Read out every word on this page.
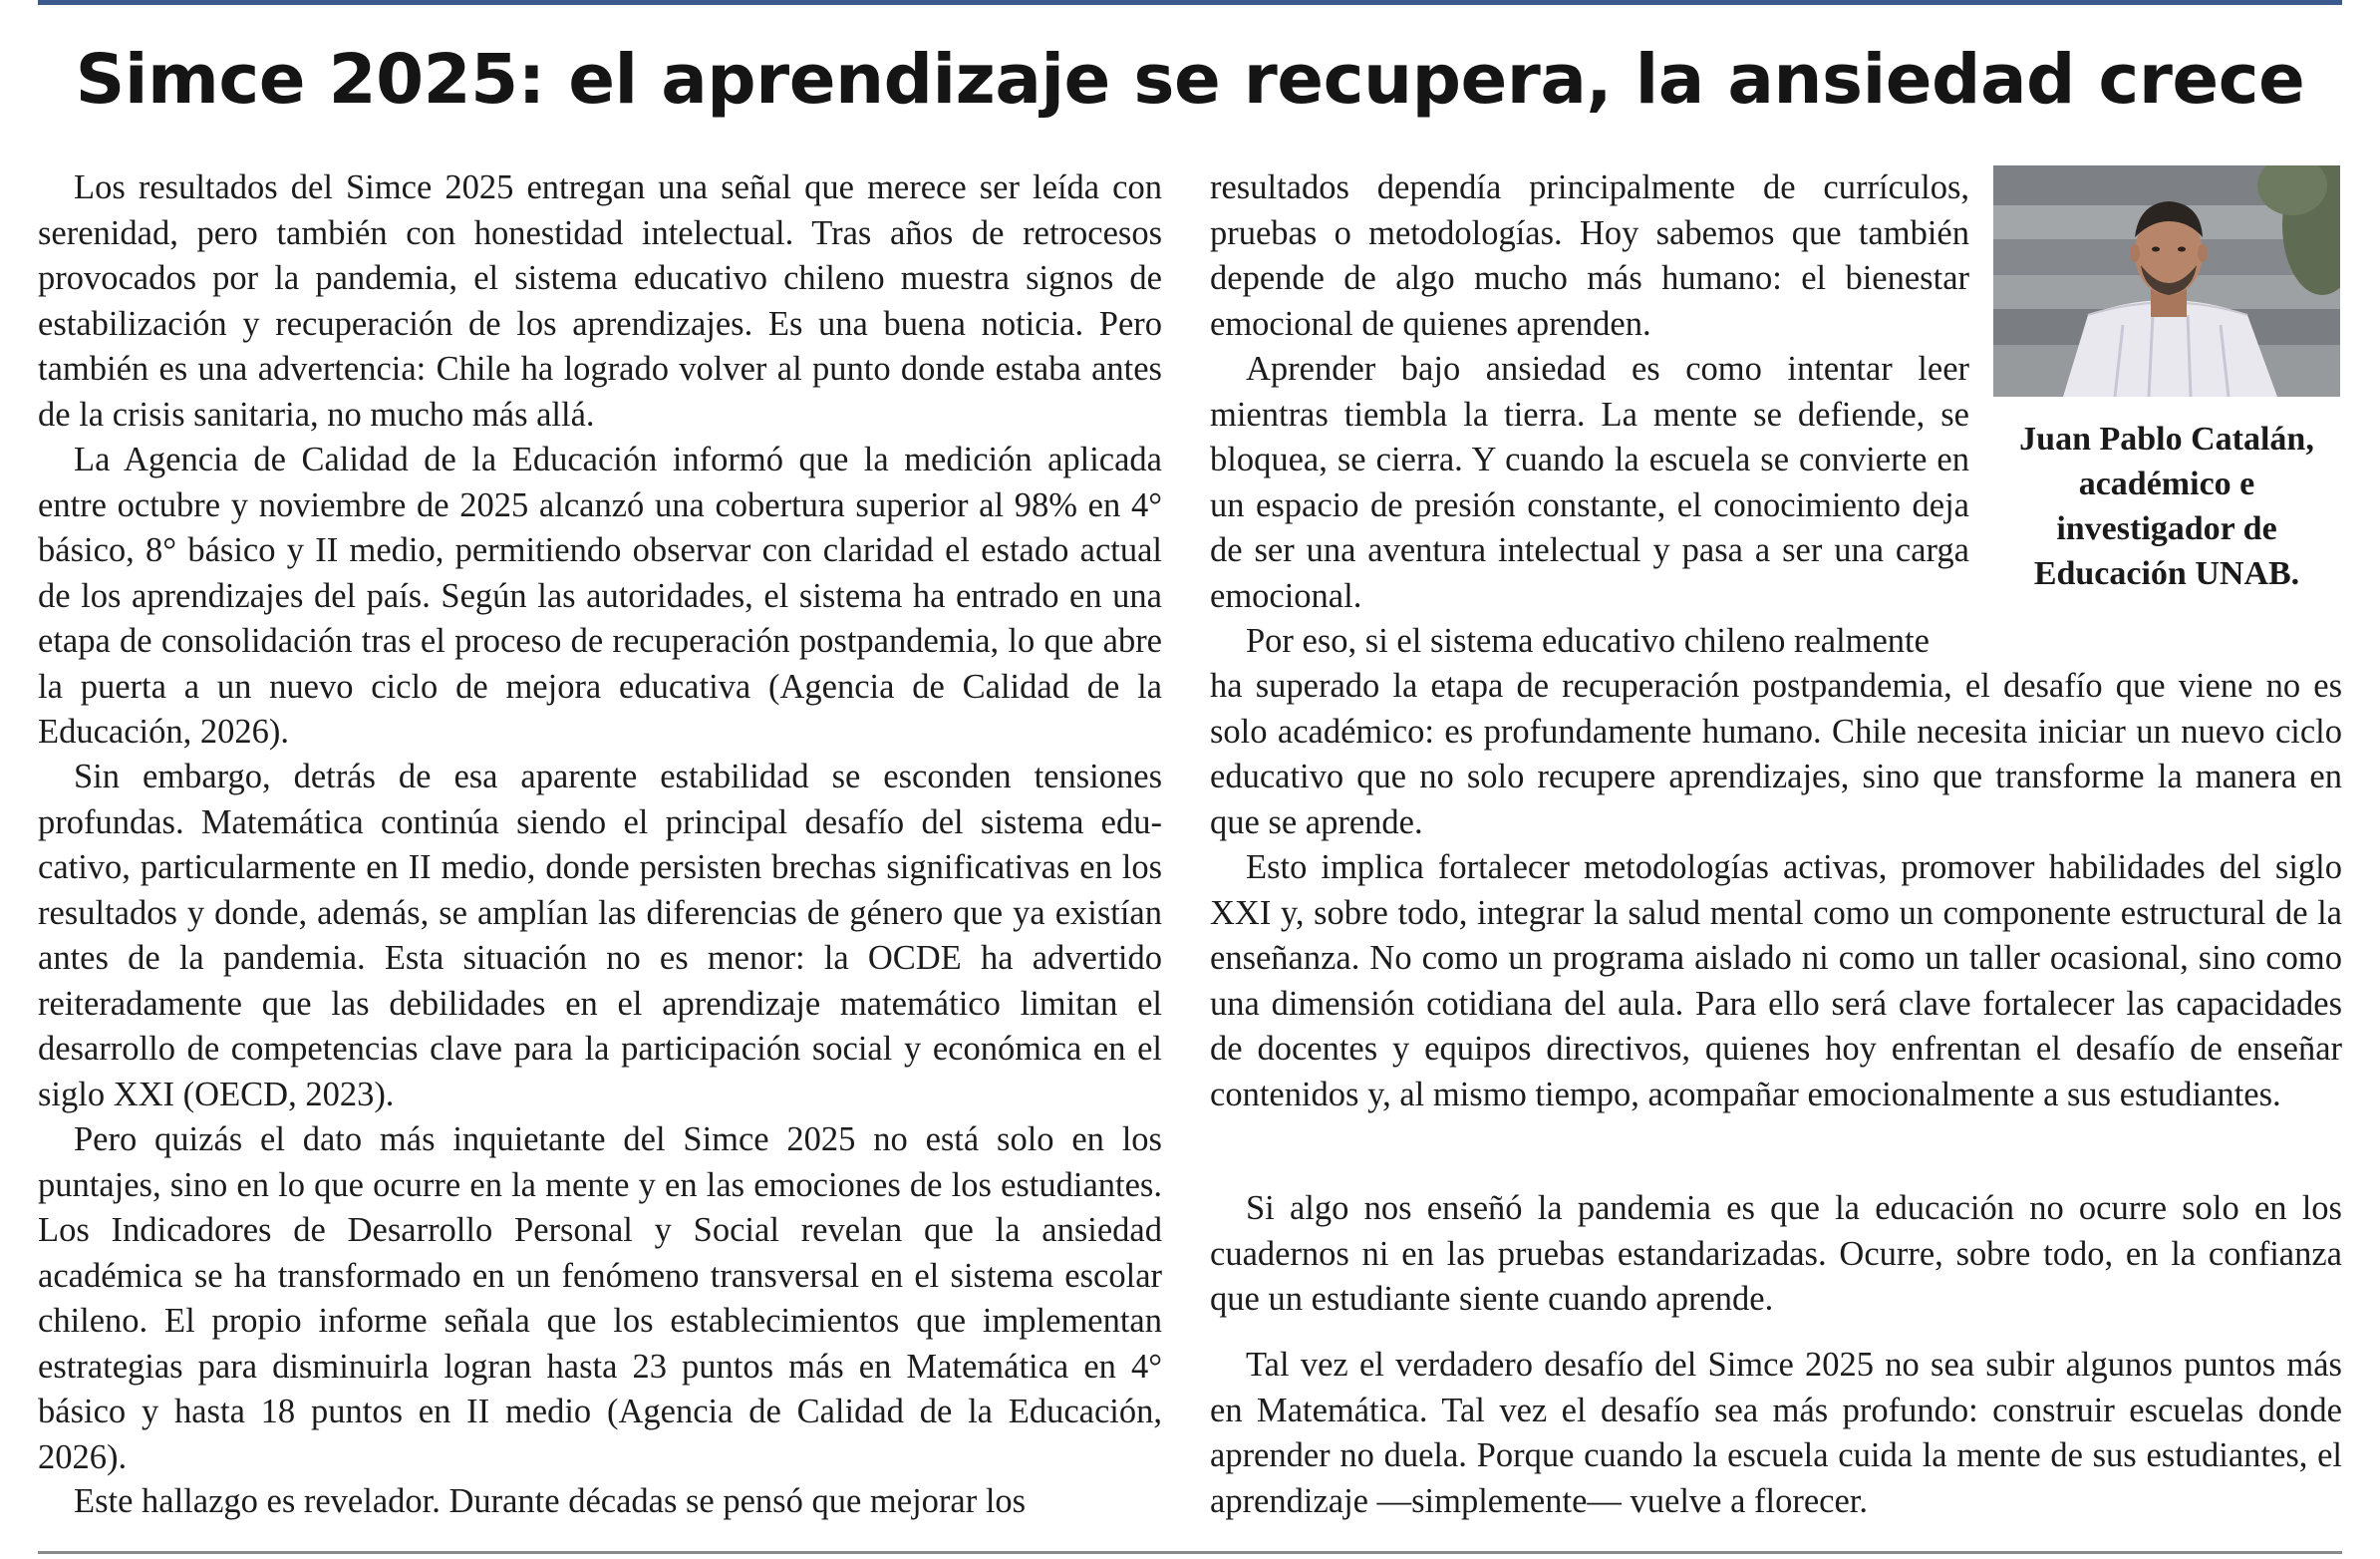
Simce 2025: el aprendizaje se recupera, la ansiedad crece

Los resultados del Simce 2025 entregan una señal que merece ser leída con serenidad, pero también con honestidad intelectual. Tras años de retrocesos provocados por la pandemia, el sistema educativo chileno muestra signos de estabilización y recuperación de los aprendizajes. Es una buena noticia. Pero también es una advertencia: Chile ha logrado volver al punto donde estaba antes de la crisis sanitaria, no mucho más allá.

La Agencia de Calidad de la Educación informó que la medición aplicada entre octubre y noviembre de 2025 alcanzó una cobertura superior al 98% en 4° básico, 8° básico y II medio, permitiendo observar con claridad el estado actual de los aprendizajes del país. Según las autoridades, el sistema ha entrado en una etapa de consolidación tras el proceso de recuperación postpandemia, lo que abre la puerta a un nuevo ciclo de mejora educativa (Agencia de Calidad de la Educación, 2026).

Sin embargo, detrás de esa aparente estabilidad se esconden tensiones profundas. Matemática continúa siendo el principal desafío del sistema educativo, particularmente en II medio, donde persisten brechas significativas en los resultados y donde, además, se amplían las diferencias de género que ya existían antes de la pandemia. Esta situación no es menor: la OCDE ha advertido reiteradamente que las debilidades en el aprendizaje matemático limitan el desarrollo de competencias clave para la participación social y económica en el siglo XXI (OECD, 2023).

Pero quizás el dato más inquietante del Simce 2025 no está solo en los puntajes, sino en lo que ocurre en la mente y en las emociones de los estudiantes. Los Indicadores de Desarrollo Personal y Social revelan que la ansiedad académica se ha transformado en un fenómeno transversal en el sistema escolar chileno. El propio informe señala que los establecimientos que implementan estrategias para disminuirla logran hasta 23 puntos más en Matemática en 4° básico y hasta 18 puntos en II medio (Agencia de Calidad de la Educación, 2026).

Este hallazgo es revelador. Durante décadas se pensó que mejorar los

resultados dependía principalmente de currículos, pruebas o metodologías. Hoy sabemos que también depende de algo mucho más humano: el bienestar emocional de quienes aprenden.

Aprender bajo ansiedad es como intentar leer mientras tiembla la tierra. La mente se defiende, se bloquea, se cierra. Y cuando la escuela se convierte en un espacio de presión constante, el conocimiento deja de ser una aventura intelectual y pasa a ser una carga emocional.

Por eso, si el sistema educativo chileno realmente

ha superado la etapa de recuperación postpandemia, el desafío que viene no es solo académico: es profundamente humano. Chile necesita iniciar un nuevo ciclo educativo que no solo recupere aprendizajes, sino que transforme la manera en que se aprende.

Esto implica fortalecer metodologías activas, promover habilidades del siglo XXI y, sobre todo, integrar la salud mental como un componente estructural de la enseñanza. No como un programa aislado ni como un taller ocasional, sino como una dimensión cotidiana del aula. Para ello será clave fortalecer las capacidades de docentes y equipos directivos, quienes hoy enfrentan el desafío de enseñar contenidos y, al mismo tiempo, acompañar emocionalmente a sus estudiantes.

Si algo nos enseñó la pandemia es que la educación no ocurre solo en los cuadernos ni en las pruebas estandarizadas. Ocurre, sobre todo, en la confianza que un estudiante siente cuando aprende.

Tal vez el verdadero desafío del Simce 2025 no sea subir algunos puntos más en Matemática. Tal vez el desafío sea más profundo: construir escuelas donde aprender no duela. Porque cuando la escuela cuida la mente de sus estudiantes, el aprendizaje —simplemente— vuelve a florecer.

Juan Pablo Catalán,
académico e
investigador de
Educación UNAB.
